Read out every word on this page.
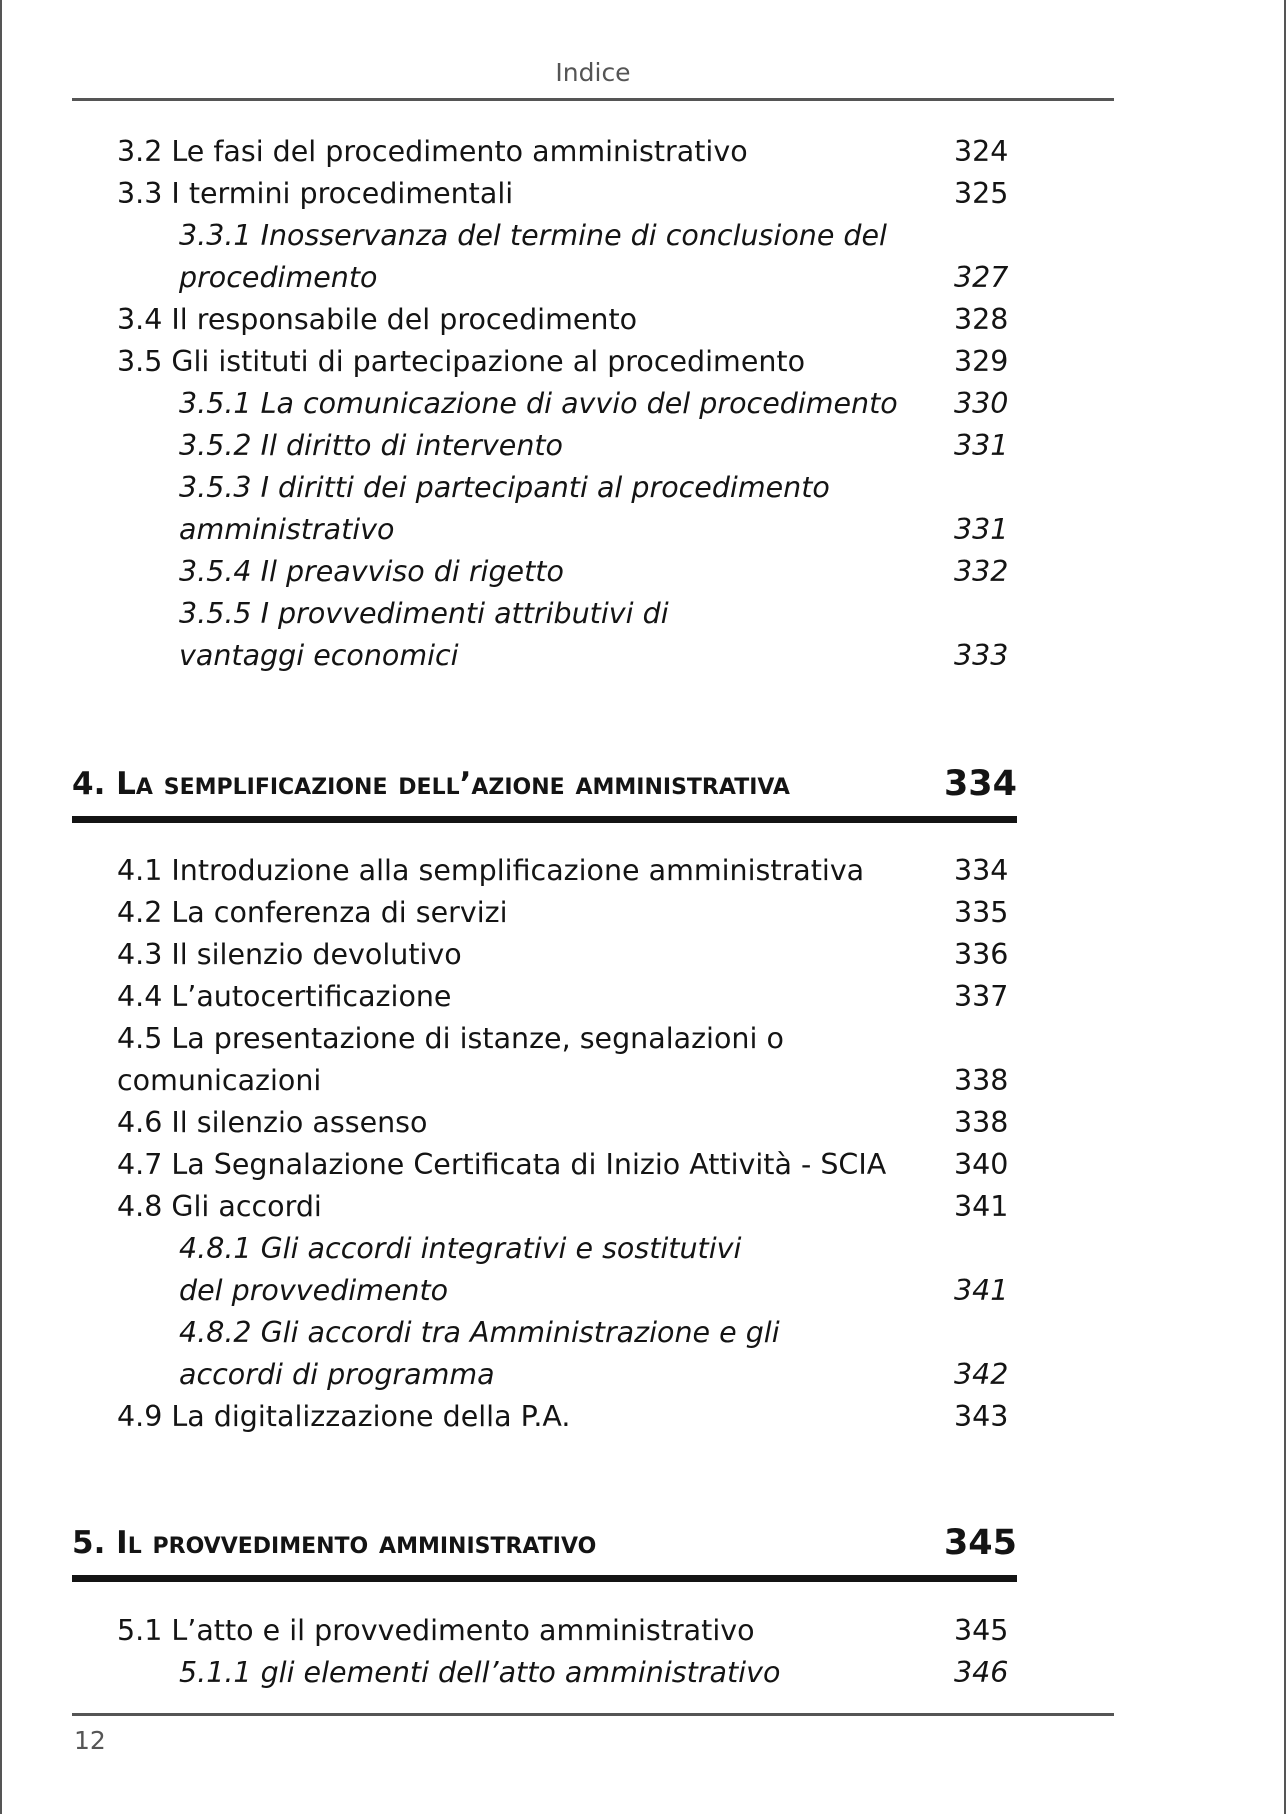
Indice
3.2 Le fasi del procedimento amministrativo	324
3.3 I termini procedimentali	325
3.3.1 Inosservanza del termine di conclusione del
procedimento	327
3.4 Il responsabile del procedimento	328
3.5 Gli istituti di partecipazione al procedimento	329
3.5.1 La comunicazione di avvio del procedimento 330
3.5.2 Il diritto di intervento	331
3.5.3 I diritti dei partecipanti al procedimento
amministrativo	331
3.5.4 Il preavviso di rigetto	332
3.5.5 I provvedimenti attributivi di
vantaggi economici	333
4. La semplificazione dell’azione amministrativa	334
4.1 Introduzione alla semplificazione amministrativa	334
4.2 La conferenza di servizi	335
4.3 Il silenzio devolutivo	336
4.4 L’autocertificazione	337
4.5 La presentazione di istanze, segnalazioni o
comunicazioni	338
4.6 Il silenzio assenso	338
4.7 La Segnalazione Certificata di Inizio Attività - SCIA 340
4.8 Gli accordi	341
4.8.1 Gli accordi integrativi e sostitutivi
del provvedimento	341
4.8.2 Gli accordi tra Amministrazione e gli
accordi di programma	342
4.9 La digitalizzazione della P.A.	343
5. Il provvedimento amministrativo	345
5.1 L’atto e il provvedimento amministrativo	345
5.1.1 gli elementi dell’atto amministrativo	346
12
